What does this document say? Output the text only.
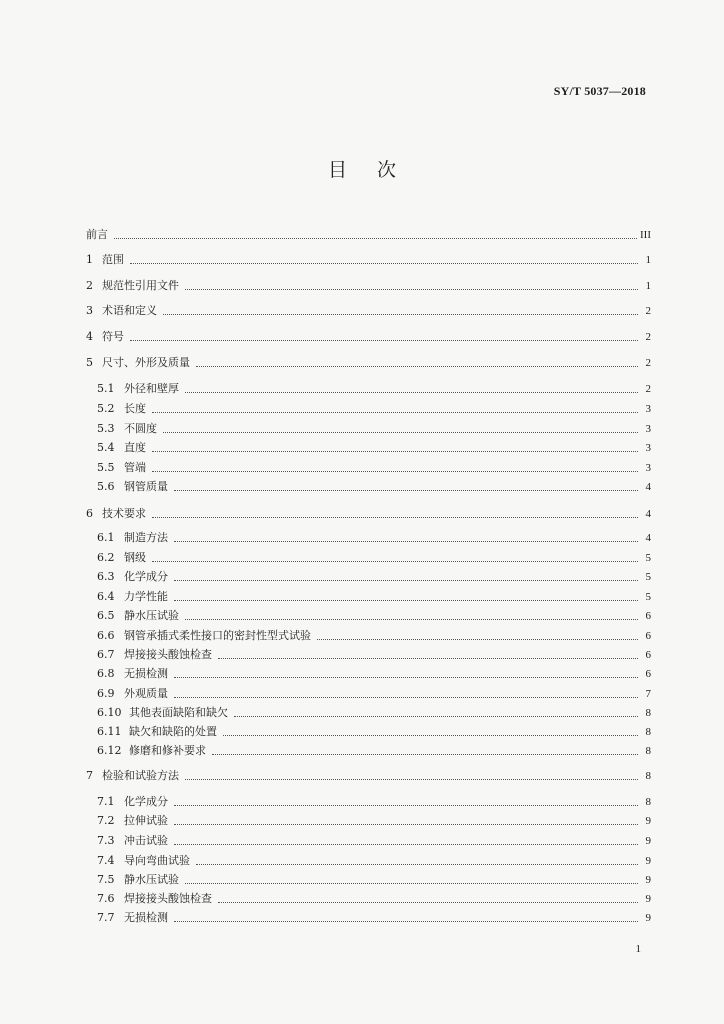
SY/T 5037—2018
目 次
前言	III
1 范围	1
2 规范性引用文件	1
3 术语和定义	2
4 符号	2
5 尺寸、外形及质量	2
5.1 外径和壁厚	2
5.2 长度	3
5.3 不圆度	3
5.4 直度	3
5.5 管端	3
5.6 钢管质量	4
6 技术要求	4
6.1 制造方法	4
6.2 钢级	5
6.3 化学成分	5
6.4 力学性能	5
6.5 静水压试验	6
6.6 钢管承插式柔性接口的密封性型式试验	6
6.7 焊接接头酸蚀检查	6
6.8 无损检测	6
6.9 外观质量	7
6.10 其他表面缺陷和缺欠	8
6.11 缺欠和缺陷的处置	8
6.12 修磨和修补要求	8
7 检验和试验方法	8
7.1 化学成分	8
7.2 拉伸试验	9
7.3 冲击试验	9
7.4 导向弯曲试验	9
7.5 静水压试验	9
7.6 焊接接头酸蚀检查	9
7.7 无损检测	9
1
